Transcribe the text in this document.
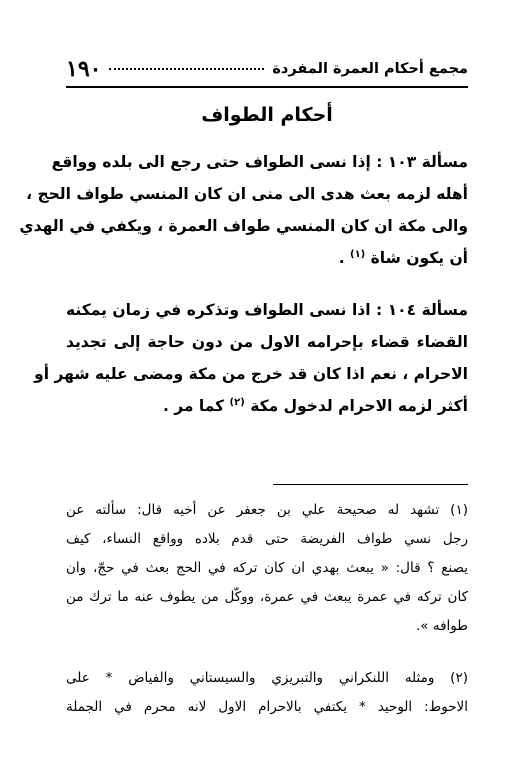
١٩٠	مجمع أحكام العمرة المفردة
أحكام الطواف
مسألة ١٠٣ : إذا نسى الطواف حتى رجع الى بلده وواقع
أهله لزمه بعث هدى الى منى ان كان المنسي طواف الحج ،
والى مكة ان كان المنسي طواف العمرة ، ويكفي في الهدي
أن يكون شاة $^{(١)}$ .
مسألة ١٠٤ : اذا نسى الطواف وتذكره في زمان يمكنه
القضاء قضاء بإحرامه الاول من دون حاجة إلى تجديد
الاحرام ، نعم اذا كان قد خرج من مكة ومضى عليه شهر أو
أكثر لزمه الاحرام لدخول مكة $^{(٢)}$ كما مر .
(١) تشهد له صحيحة علي بن جعفر عن أخيه قال: سألته عن
رجل نسي طواف الفريضة حتى قدم بلاده وواقع النساء، كيف
يصنع ؟ قال: « يبعث بهدي ان كان تركه في الحج بعث في حجّ، وان
كان تركه في عمرة يبعث في عمرة، ووكّل من يطوف عنه ما ترك من
طوافه ».
(٢) ومثله اللنكراني والتبريزي والسيستاني والفياض * على
الاحوط: الوحيد * يكتفي بالاحرام الاول لانه محرم في الجملة
